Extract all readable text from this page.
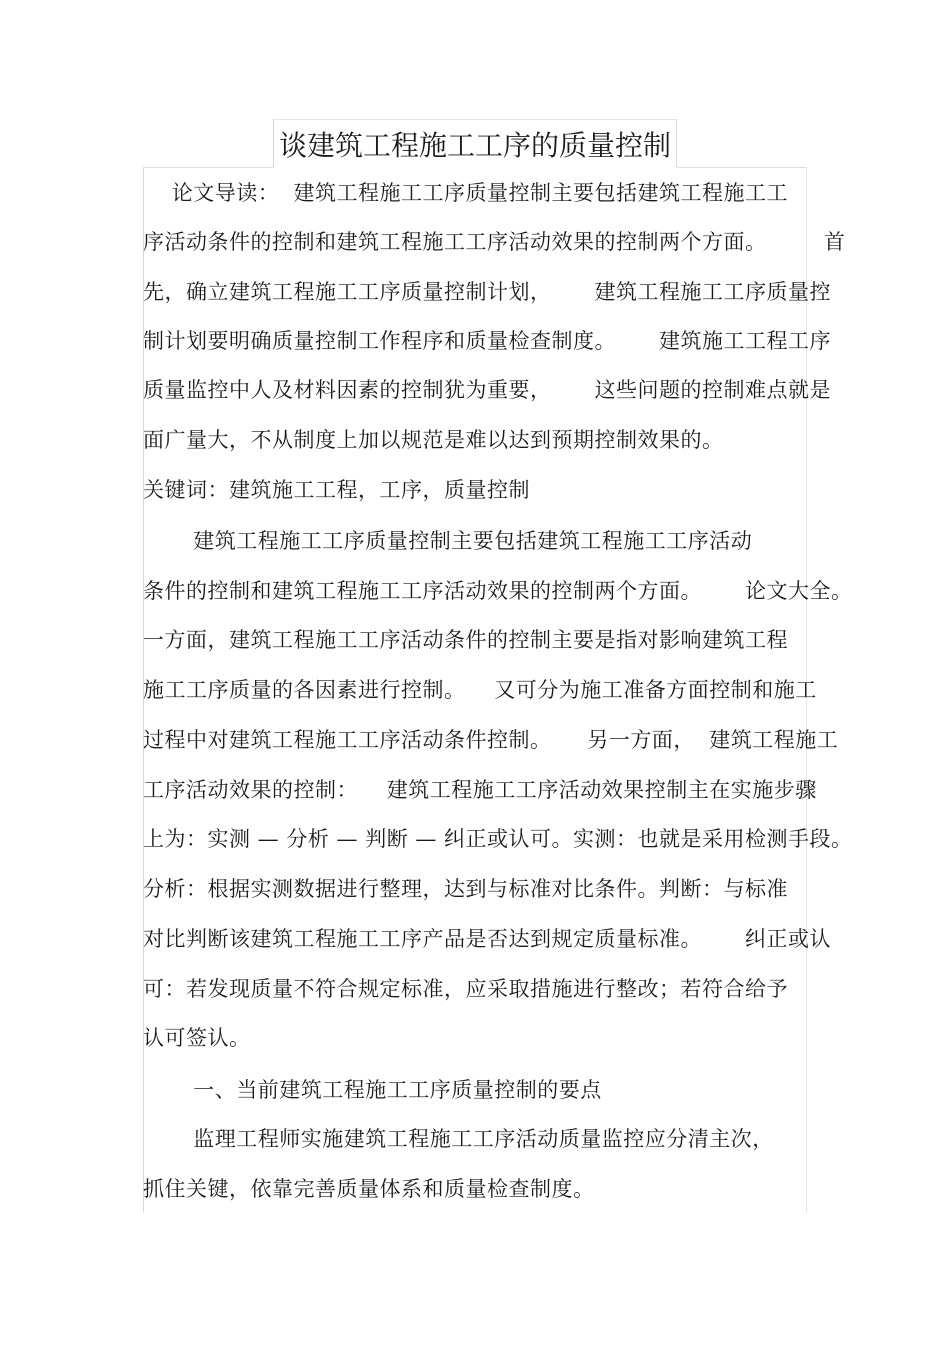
谈建筑工程施工工序的质量控制
论文导读：  建筑工程施工工序质量控制主要包括建筑工程施工工
序活动条件的控制和建筑工程施工工序活动效果的控制两个方面。        首
先，确立建筑工程施工工序质量控制计划，      建筑工程施工工序质量控
制计划要明确质量控制工作程序和质量检查制度。      建筑施工工程工序
质量监控中人及材料因素的控制犹为重要，      这些问题的控制难点就是
面广量大，不从制度上加以规范是难以达到预期控制效果的。
关键词：建筑施工工程，工序，质量控制
建筑工程施工工序质量控制主要包括建筑工程施工工序活动
条件的控制和建筑工程施工工序活动效果的控制两个方面。      论文大全。
一方面，建筑工程施工工序活动条件的控制主要是指对影响建筑工程
施工工序质量的各因素进行控制。    又可分为施工准备方面控制和施工
过程中对建筑工程施工工序活动条件控制。     另一方面，  建筑工程施工
工序活动效果的控制：    建筑工程施工工序活动效果控制主在实施步骤
上为：实测 — 分析 — 判断 — 纠正或认可。实测：也就是采用检测手段。
分析：根据实测数据进行整理，达到与标准对比条件。判断：与标准
对比判断该建筑工程施工工序产品是否达到规定质量标准。      纠正或认
可：若发现质量不符合规定标准，应采取措施进行整改；若符合给予
认可签认。
一、当前建筑工程施工工序质量控制的要点
监理工程师实施建筑工程施工工序活动质量监控应分清主次，
抓住关键，依靠完善质量体系和质量检查制度。
